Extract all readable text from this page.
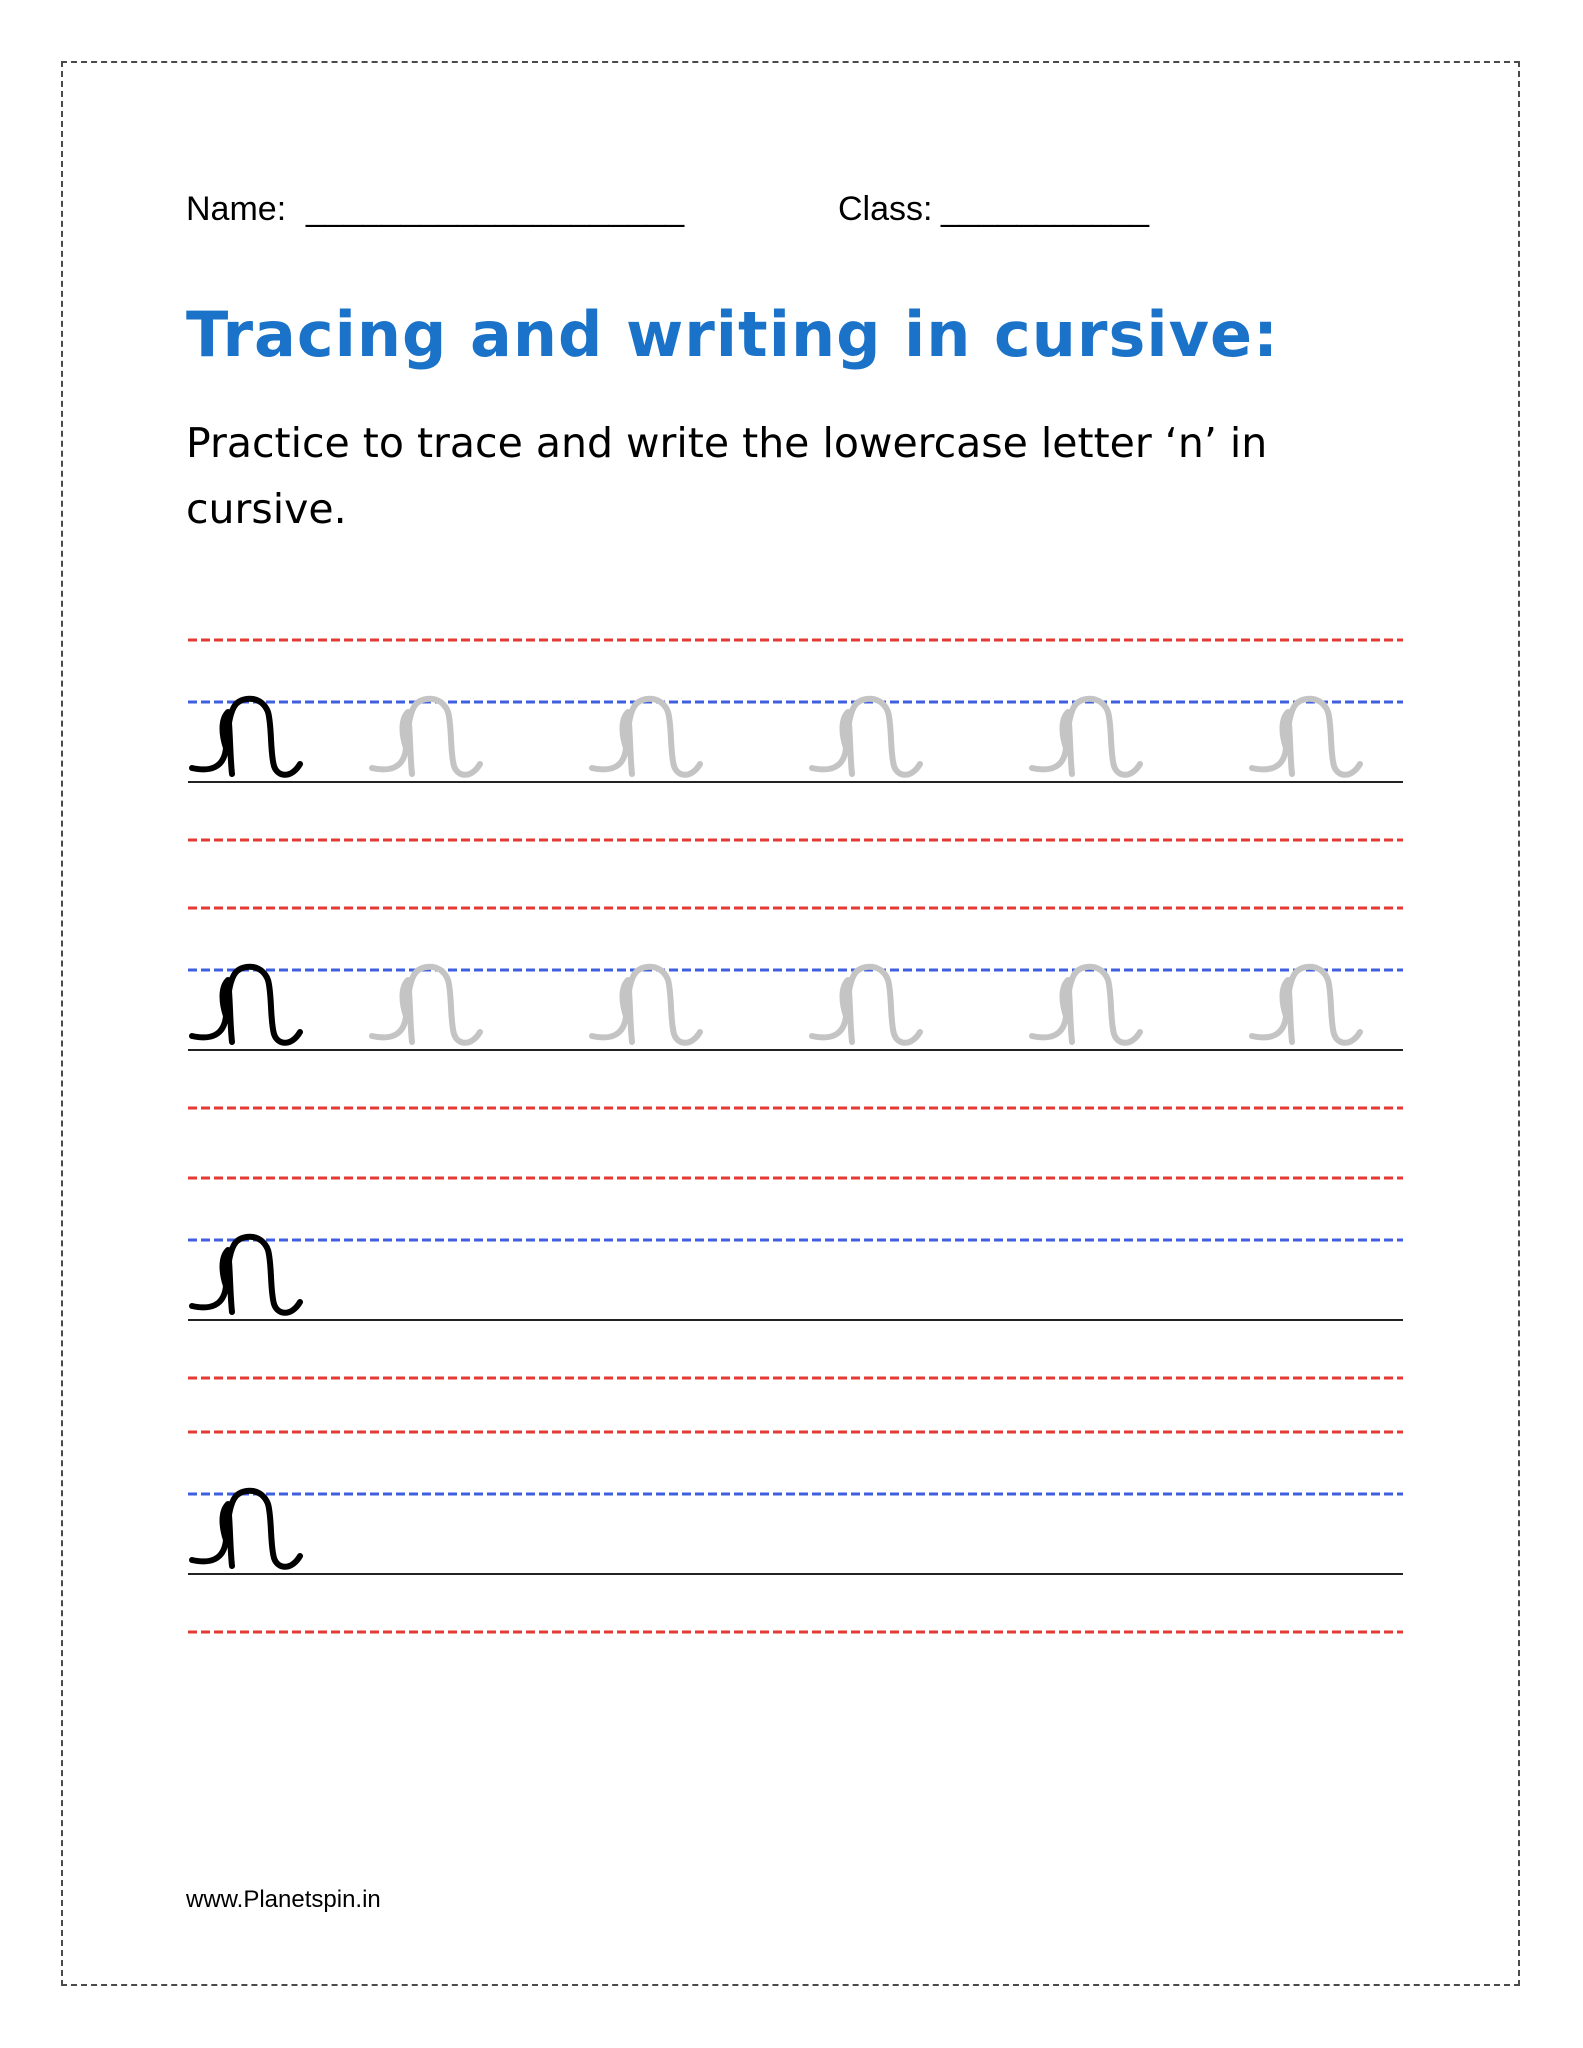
Name: ____________________	Class: ___________
Tracing and writing in cursive:
Practice to trace and write the lowercase letter ‘n’ in cursive.
www.Planetspin.in
